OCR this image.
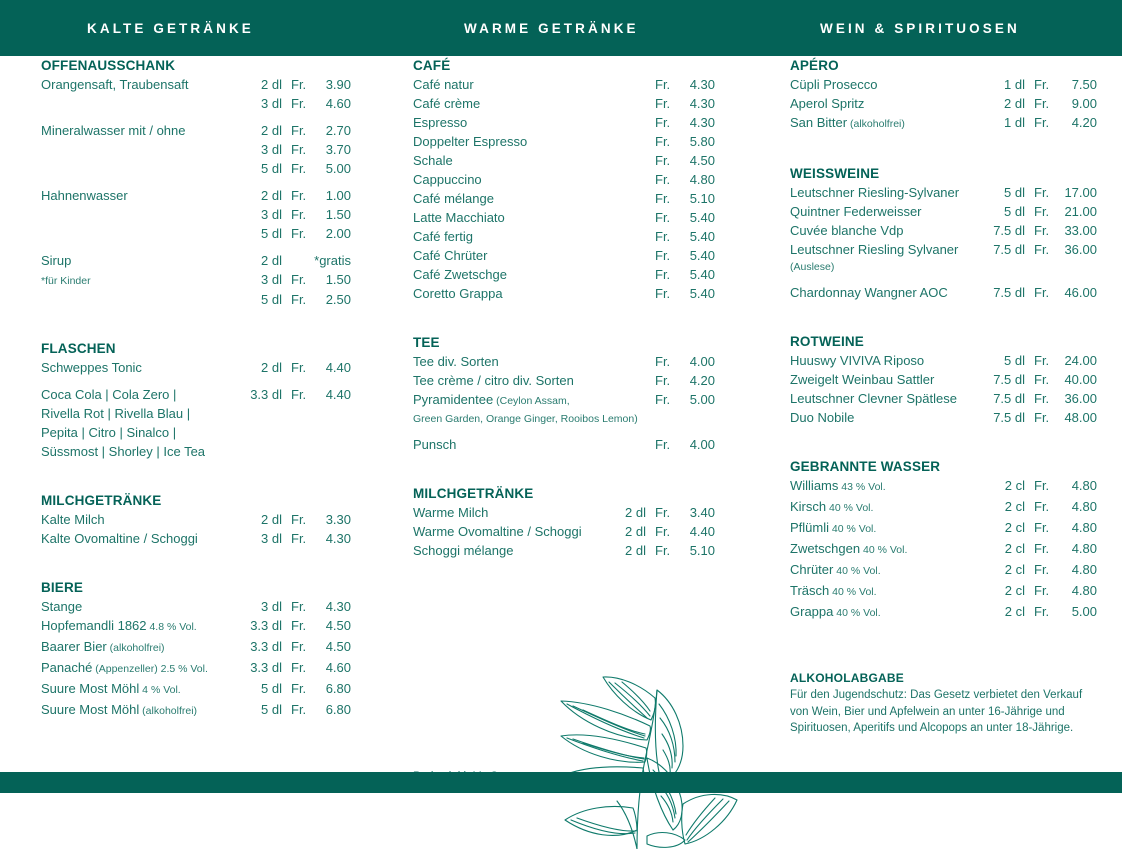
KALTE GETRÄNKE	WARME GETRÄNKE	WEIN & SPIRITUOSEN
OFFENAUSSCHANK
Orangensaft, Traubensaft	2 dl Fr.	3.90
3 dl Fr.	4.60
Mineralwasser mit / ohne	2 dl Fr.	2.70
3 dl Fr.	3.70
5 dl Fr.	5.00
Hahnenwasser	2 dl Fr.	1.00
3 dl Fr.	1.50
5 dl Fr.	2.00
Sirup	2 dl	*gratis
*für Kinder	3 dl Fr.	1.50
5 dl Fr.	2.50
FLASCHEN
Schweppes Tonic	2 dl Fr.	4.40
Coca Cola | Cola Zero |	3.3 dl Fr.	4.40
Rivella Rot | Rivella Blau |
Pepita | Citro | Sinalco |
Süssmost | Shorley | Ice Tea
MILCHGETRÄNKE
Kalte Milch	2 dl Fr.	3.30
Kalte Ovomaltine / Schoggi	3 dl Fr.	4.30
BIERE
Stange	3 dl Fr.	4.30
Hopfemandli 1862 4.8 % Vol.	3.3 dl Fr.	4.50
Baarer Bier (alkoholfrei)	3.3 dl Fr.	4.50
Panaché (Appenzeller) 2.5 % Vol.	3.3 dl Fr.	4.60
Suure Most Möhl 4 % Vol.	5 dl Fr.	6.80
Suure Most Möhl (alkoholfrei)	5 dl Fr.	6.80
CAFÉ
Café natur	Fr.	4.30
Café crème	Fr.	4.30
Espresso	Fr.	4.30
Doppelter Espresso	Fr.	5.80
Schale	Fr.	4.50
Cappuccino	Fr.	4.80
Café mélange	Fr.	5.10
Latte Macchiato	Fr.	5.40
Café fertig	Fr.	5.40
Café Chrüter	Fr.	5.40
Café Zwetschge	Fr.	5.40
Coretto Grappa	Fr.	5.40
TEE
Tee div. Sorten	Fr.	4.00
Tee crème / citro div. Sorten	Fr.	4.20
Pyramidentee (Ceylon Assam,	Fr.	5.00
Green Garden, Orange Ginger, Rooibos Lemon)
Punsch	Fr.	4.00
MILCHGETRÄNKE
Warme Milch	2 dl Fr.	3.40
Warme Ovomaltine / Schoggi	2 dl Fr.	4.40
Schoggi mélange	2 dl Fr.	5.10
APÉRO
Cüpli Prosecco	1 dl Fr.	7.50
Aperol Spritz	2 dl Fr.	9.00
San Bitter (alkoholfrei)	1 dl Fr.	4.20
WEISSWEINE
Leutschner Riesling-Sylvaner	5 dl Fr.	17.00
Quintner Federweisser	5 dl Fr.	21.00
Cuvée blanche Vdp	7.5 dl Fr.	33.00
Leutschner Riesling Sylvaner	7.5 dl Fr.	36.00
(Auslese)
Chardonnay Wangner AOC	7.5 dl Fr.	46.00
ROTWEINE
Huuswy VIVIVA Riposo	5 dl Fr.	24.00
Zweigelt Weinbau Sattler	7.5 dl Fr.	40.00
Leutschner Clevner Spätlese	7.5 dl Fr.	36.00
Duo Nobile	7.5 dl Fr.	48.00
GEBRANNTE WASSER
Williams 43 % Vol.	2 cl Fr.	4.80
Kirsch 40 % Vol.	2 cl Fr.	4.80
Pflümli 40 % Vol.	2 cl Fr.	4.80
Zwetschgen 40 % Vol.	2 cl Fr.	4.80
Chrüter 40 % Vol.	2 cl Fr.	4.80
Träsch 40 % Vol.	2 cl Fr.	4.80
Grappa 40 % Vol.	2 cl Fr.	5.00
ALKOHOLABGABE
Für den Jugendschutz: Das Gesetz verbietet den Verkauf
von Wein, Bier und Apfelwein an unter 16-Jährige und
Spirituosen, Aperitifs und Alcopops an unter 18-Jährige.
